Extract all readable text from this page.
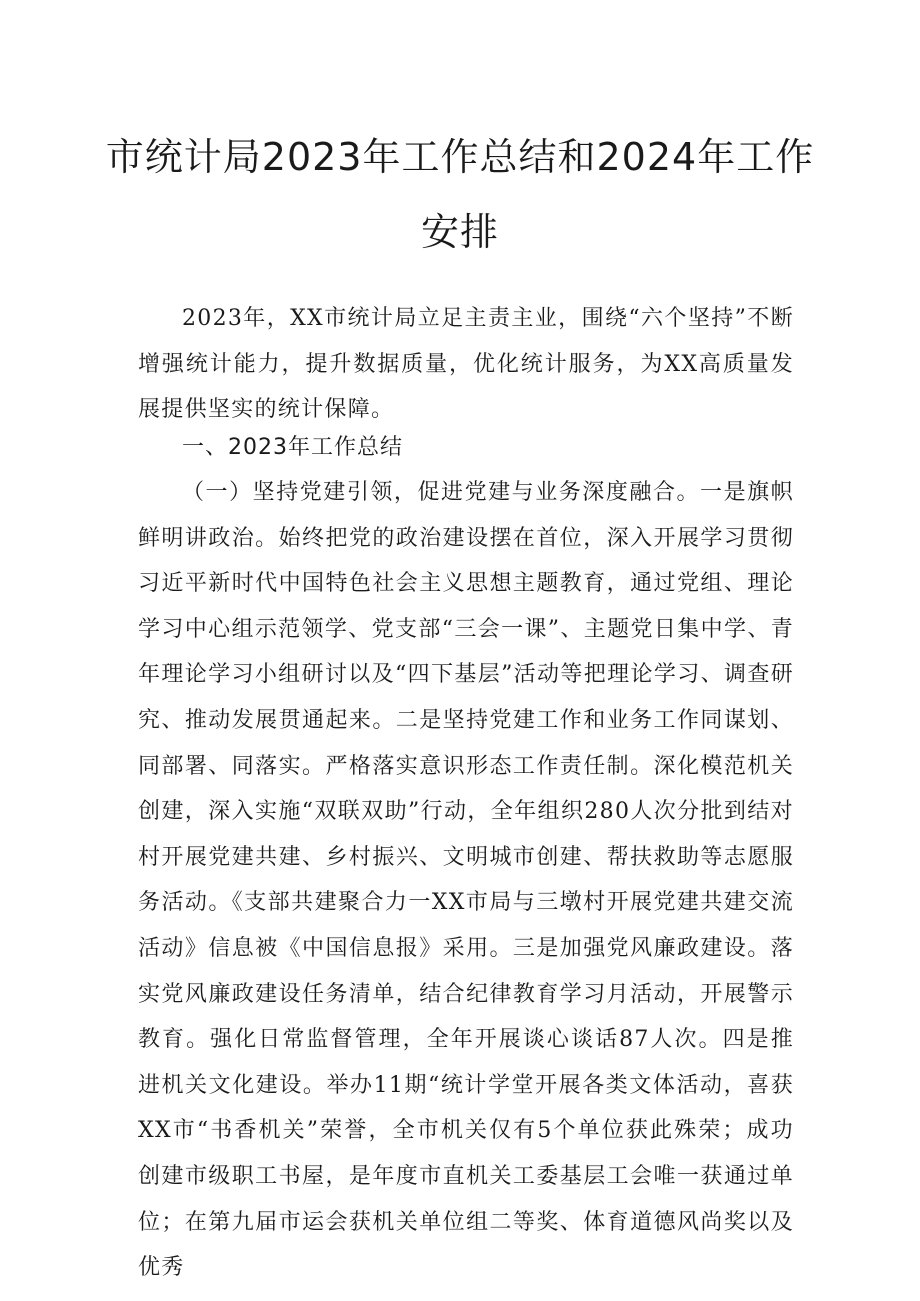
市统计局2023年工作总结和2024年工作
安排

2023年，XX市统计局立足主责主业，围绕“六个坚持”不断增强统计能力，提升数据质量，优化统计服务，为XX高质量发展提供坚实的统计保障。

一、2023年工作总结

（一）坚持党建引领，促进党建与业务深度融合。一是旗帜鲜明讲政治。始终把党的政治建设摆在首位，深入开展学习贯彻习近平新时代中国特色社会主义思想主题教育，通过党组、理论学习中心组示范领学、党支部“三会一课”、主题党日集中学、青年理论学习小组研讨以及“四下基层”活动等把理论学习、调查研究、推动发展贯通起来。二是坚持党建工作和业务工作同谋划、同部署、同落实。严格落实意识形态工作责任制。深化模范机关创建，深入实施“双联双助”行动，全年组织280人次分批到结对村开展党建共建、乡村振兴、文明城市创建、帮扶救助等志愿服务活动。《支部共建聚合力一XX市局与三墩村开展党建共建交流活动》信息被《中国信息报》采用。三是加强党风廉政建设。落实党风廉政建设任务清单，结合纪律教育学习月活动，开展警示教育。强化日常监督管理，全年开展谈心谈话87人次。四是推进机关文化建设。举办11期“统计学堂开展各类文体活动，喜获XX市“书香机关”荣誉，全市机关仅有5个单位获此殊荣；成功创建市级职工书屋，是年度市直机关工委基层工会唯一获通过单位；在第九届市运会获机关单位组二等奖、体育道德风尚奖以及优秀
